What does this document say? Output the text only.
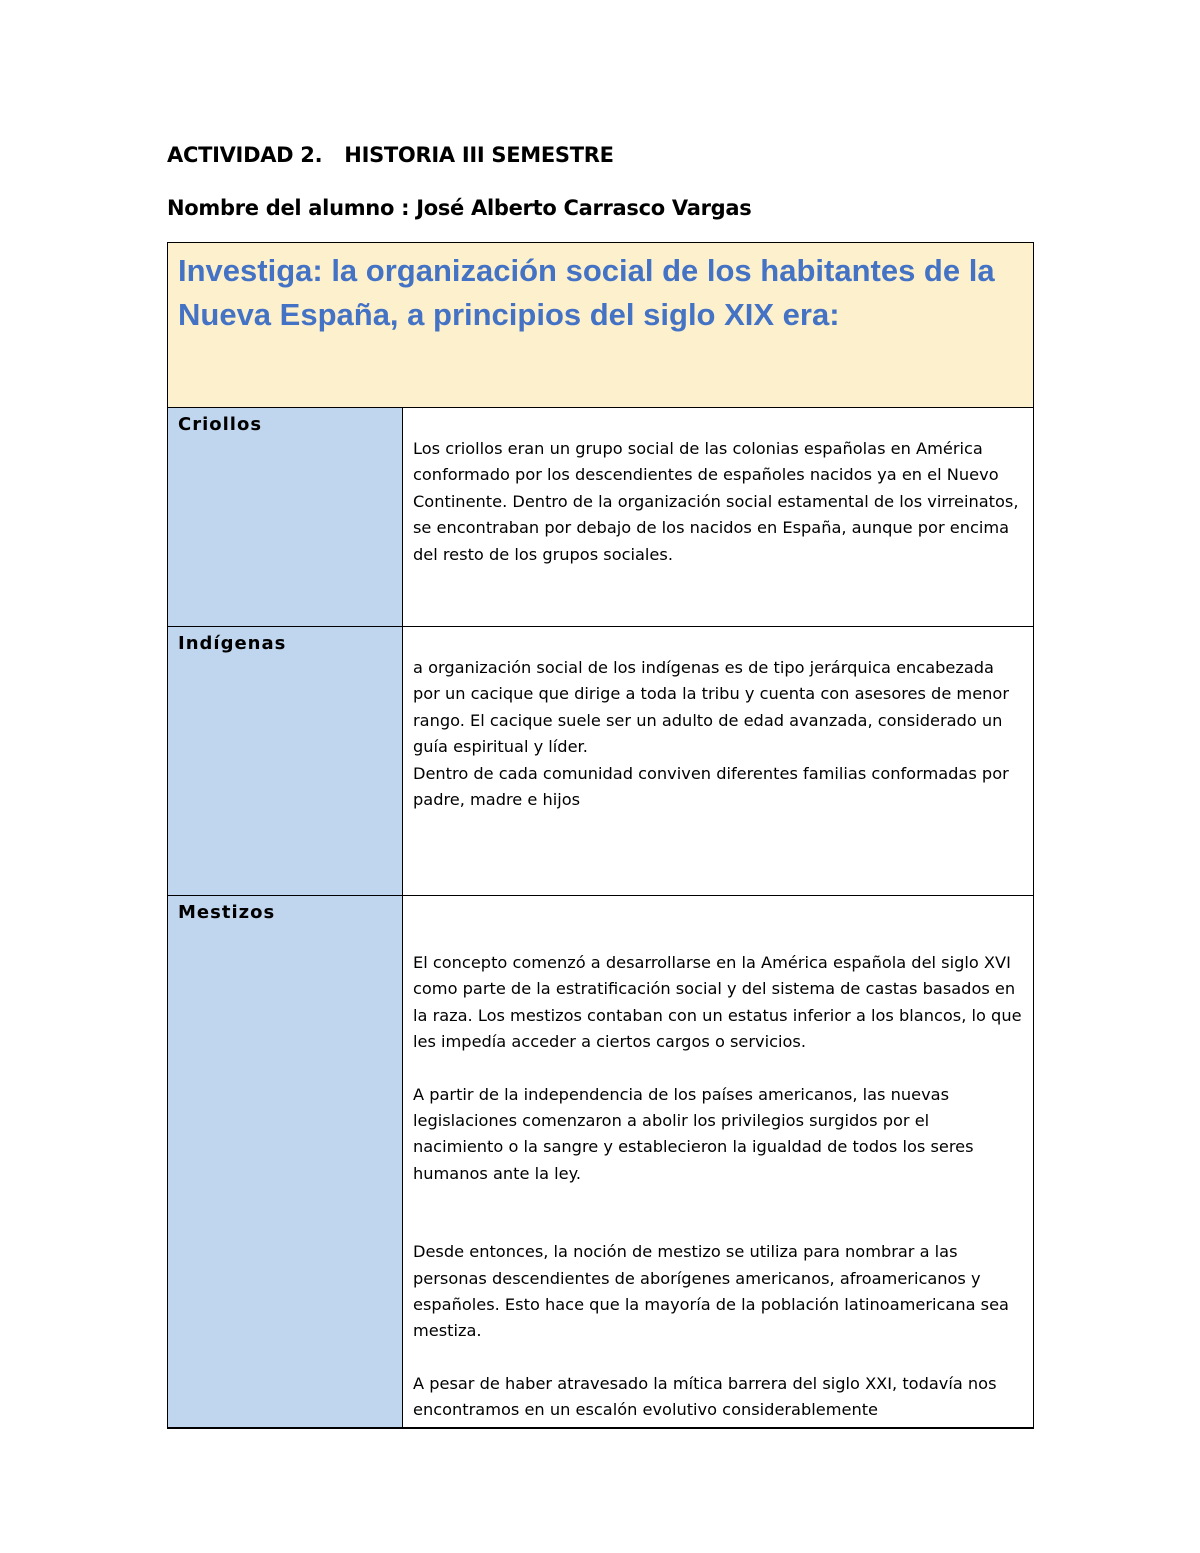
ACTIVIDAD 2. HISTORIA III SEMESTRE
Nombre del alumno : José Alberto Carrasco Vargas

Investiga: la organización social de los habitantes de la Nueva España, a principios del siglo XIX era:	

Criollos	Los criollos eran un grupo social de las colonias españolas en América conformado por los descendientes de españoles nacidos ya en el Nuevo Continente. Dentro de la organización social estamental de los virreinatos, se encontraban por debajo de los nacidos en España, aunque por encima del resto de los grupos sociales.

Indígenas	a organización social de los indígenas es de tipo jerárquica encabezada por un cacique que dirige a toda la tribu y cuenta con asesores de menor rango. El cacique suele ser un adulto de edad avanzada, considerado un guía espiritual y líder.

Dentro de cada comunidad conviven diferentes familias conformadas por padre, madre e hijos

Mestizos	El concepto comenzó a desarrollarse en la América española del siglo XVI como parte de la estratificación social y del sistema de castas basados en la raza. Los mestizos contaban con un estatus inferior a los blancos, lo que les impedía acceder a ciertos cargos o servicios.

A partir de la independencia de los países americanos, las nuevas legislaciones comenzaron a abolir los privilegios surgidos por el nacimiento o la sangre y establecieron la igualdad de todos los seres humanos ante la ley.

Desde entonces, la noción de mestizo se utiliza para nombrar a las personas descendientes de aborígenes americanos, afroamericanos y españoles. Esto hace que la mayoría de la población latinoamericana sea mestiza.

A pesar de haber atravesado la mítica barrera del siglo XXI, todavía nos encontramos en un escalón evolutivo considerablemente
